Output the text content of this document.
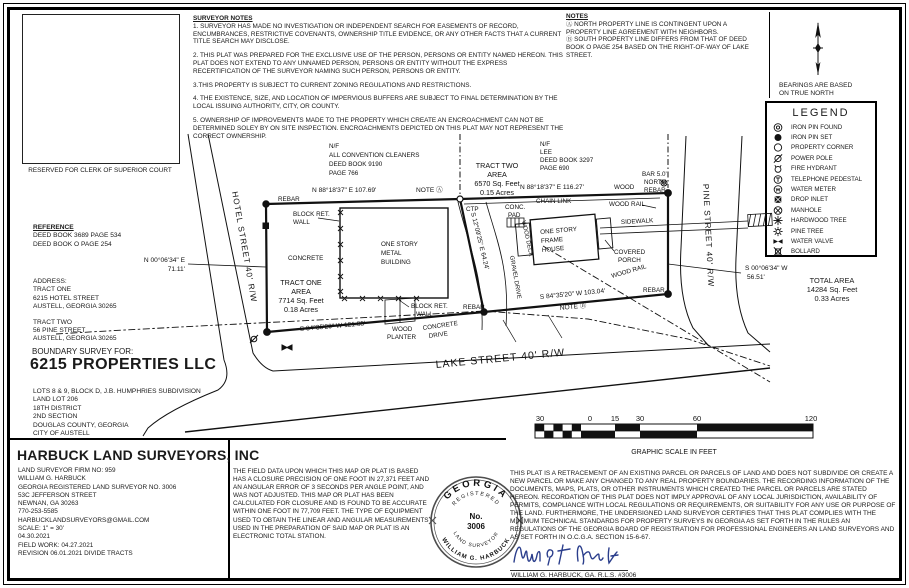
RESERVED FOR CLERK OF SUPERIOR COURT
SURVEYOR NOTES

1. SURVEYOR HAS MADE NO INVESTIGATION OR INDEPENDENT SEARCH FOR EASEMENTS OF RECORD, ENCUMBRANCES, RESTRICTIVE COVENANTS, OWNERSHIP TITLE EVIDENCE, OR ANY OTHER FACTS THAT A CURRENT TITLE SEARCH MAY DISCLOSE.

2. THIS PLAT WAS PREPARED FOR THE EXCLUSIVE USE OF THE PERSON, PERSONS OR ENTITY NAMED HEREON. THIS PLAT DOES NOT EXTEND TO ANY UNNAMED PERSON, PERSONS OR ENTITY WITHOUT THE EXPRESS RECERTIFICATION OF THE SURVEYOR NAMING SUCH PERSON, PERSONS OR ENTITY.

3.THIS PROPERTY IS SUBJECT TO CURRENT ZONING REGULATIONS AND RESTRICTIONS.

4. THE EXISTENCE, SIZE, AND LOCATION OF IMPERVIOUS BUFFERS ARE SUBJECT TO FINAL DETERMINATION BY THE LOCAL ISSUING AUTHORITY, CITY, OR COUNTY.

5. OWNERSHIP OF IMPROVEMENTS MADE TO THE PROPERTY WHICH CREATE AN ENCROACHMENT CAN NOT BE DETERMINED SOLEY BY ON SITE INSPECTION. ENCROACHMENTS DEPICTED ON THIS PLAT MAY NOT REPRESENT THE CORRECT OWNERSHIP.

NOTES
Ⓐ NORTH PROPERTY LINE IS CONTINGENT UPON A PROPERTY LINE AGREEMENT WITH NEIGHBORS.
Ⓑ SOUTH PROPERTY LINE DIFFERS FROM THAT OF DEED BOOK O PAGE 254 BASED ON THE RIGHT-OF-WAY OF LAKE STREET.
BEARINGS ARE BASED
ON TRUE NORTH
LEGEND
IRON PIN FOUND
IRON PIN SET
PROPERTY CORNER
POWER POLE
FIRE HYDRANT
TELEPHONE PEDESTAL
WATER METER
DROP INLET
MANHOLE
HARDWOOD TREE
PINE TREE
WATER VALVE
BOLLARD
REFERENCE
DEED BOOK 3689 PAGE 534
DEED BOOK O PAGE 254
ADDRESS:
TRACT ONE
6215 HOTEL STREET
AUSTELL, GEORGIA 30265
TRACT TWO
56 PINE STREET
AUSTELL, GEORGIA 30265
BOUNDARY SURVEY FOR:
6215 PROPERTIES LLC
LOTS 8 & 9, BLOCK D, J.B. HUMPHRIES SUBDIVISION
LAND LOT 206
18TH DISTRICT
2ND SECTION
DOUGLAS COUNTY, GEORGIA
CITY OF AUSTELL
HARBUCK LAND SURVEYORS, INC
LAND SURVEYOR FIRM NO: 959
WILLIAM G. HARBUCK
GEORGIA REGISTERED LAND SURVEYOR NO. 3006
53C JEFFERSON STREET
NEWNAN, GA 30263
770-253-5585
HARBUCKLANDSURVEYORS@GMAIL.COM
SCALE: 1" = 30'
04.30.2021
FIELD WORK: 04.27.2021
REVISION 06.01.2021 DIVIDE TRACTS
THE FIELD DATA UPON WHICH THIS MAP OR PLAT IS BASED HAS A CLOSURE PRECISION OF ONE FOOT IN 27,371 FEET AND AN ANGULAR ERROR OF 3 SECONDS PER ANGLE POINT, AND WAS NOT ADJUSTED. THIS MAP OR PLAT HAS BEEN CALCULATED FOR CLOSURE AND IS FOUND TO BE ACCURATE WITHIN ONE FOOT IN 77,709 FEET. THE TYPE OF EQUIPMENT USED TO OBTAIN THE LINEAR AND ANGULAR MEASUREMENTS USED IN THE PREPARATION OF SAID MAP OR PLAT IS AN ELECTRONIC TOTAL STATION.
GEORGIA
REGISTERED
No.
3006
LAND SURVEYOR
WILLIAM G. HARBUCK
THIS PLAT IS A RETRACEMENT OF AN EXISTING PARCEL OR PARCELS OF LAND AND DOES NOT SUBDIVIDE OR CREATE A NEW PARCEL OR MAKE ANY CHANGED TO ANY REAL PROPERTY BOUNDARIES. THE RECORDING INFORMATION OF THE DOCUMENTS, MAPS, PLATS, OR OTHER INSTRUMENTS WHICH CREATED THE PARCEL OR PARCELS ARE STATED HEREON. RECORDATION OF THIS PLAT DOES NOT IMPLY APPROVAL OF ANY LOCAL JURISDICTION, AVAILABILITY OF PERMITS, COMPLIANCE WITH LOCAL REGULATIONS OR REQUIREMENTS, OR SUITABILITY FOR ANY USE OR PURPOSE OF THE LAND. FURTHERMORE, THE UNDERSIGNED LAND SURVEYOR CERTIFIES THAT THIS PLAT COMPLIES WITH THE MINIMUM TECHNICAL STANDARDS FOR PROPERTY SURVEYS IN GEORGIA AS SET FORTH IN THE RULES AN REGULATIONS OF THE GEORGIA BOARD OF REGISTRATION FOR PROFESSIONAL ENGINEERS AN LAND SURVEYORS AND AS SET FORTH IN O.C.G.A. SECTION 15-6-67.
WILLIAM G. HARBUCK, GA. R.L.S. #3006
30	0 15 30	60	120
GRAPHIC SCALE IN FEET
TOTAL AREA
14284 Sq. Feet
0.33 Acres
N/F
ALL CONVENTION CLEANERS
DEED BOOK 9190
PAGE 766
N/F
LEE
DEED BOOK 3297
PAGE 690
TRACT TWO
AREA
6570 Sq. Feet
0.15 Acres
TRACT ONE
AREA
7714 Sq. Feet
0.18 Acres
N 88°18'37" E 107.69'	NOTE Ⓐ	N 88°18'37" E 116.27'	WOOD
N 00°06'34" E
71.11'	S 00°06'34" W
56.51'
S 84°35'20" W 121.85'
S 84°35'20" W 103.04'
NOTE Ⓑ
S 12°09'25" E 64.24'
REBAR
CTP
BAR 5.0'
NORTH
REBAR
REBAR
REBAR
BLOCK RET.
WALL
CONCRETE
ONE STORY
METAL
BUILDING
CHAIN LINK	WOOD RAIL
CONC.
PAD
WOOD DECK ONE STORY
FRAME
HOUSE
SIDEWALK
COVERED
PORCH
WOOD RAIL
GRAVEL DRIVE
BLOCK RET.
WALL
WOOD
PLANTER
CONCRETE
DRIVE
HOTEL STREET 40' R/W	PINE STREET 40' R/W
LAKE STREET 40' R/W
